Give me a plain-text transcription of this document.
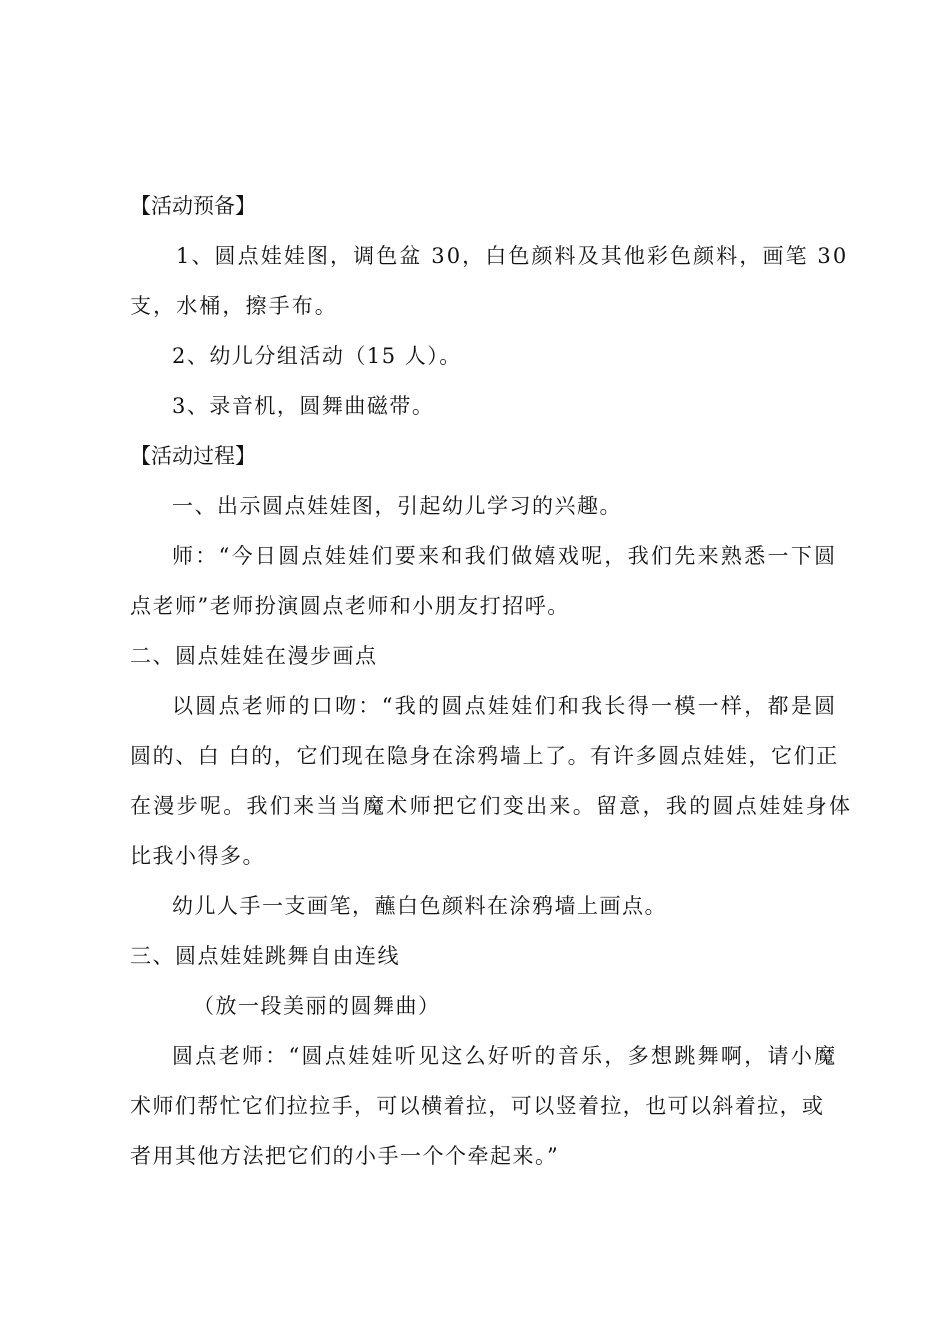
【活动预备】
1、圆点娃娃图，调色盆 30，白色颜料及其他彩色颜料，画笔 30
支，水桶，擦手布。
2、幼儿分组活动（15 人）。
3、录音机，圆舞曲磁带。
【活动过程】
一、出示圆点娃娃图，引起幼儿学习的兴趣。
师：“今日圆点娃娃们要来和我们做嬉戏呢，我们先来熟悉一下圆
点老师”老师扮演圆点老师和小朋友打招呼。
二、圆点娃娃在漫步画点
以圆点老师的口吻：“我的圆点娃娃们和我长得一模一样，都是圆
圆的、白 白的，它们现在隐身在涂鸦墙上了。有许多圆点娃娃，它们正
在漫步呢。我们来当当魔术师把它们变出来。留意，我的圆点娃娃身体
比我小得多。
幼儿人手一支画笔，蘸白色颜料在涂鸦墙上画点。
三、圆点娃娃跳舞自由连线
（放一段美丽的圆舞曲）
圆点老师：“圆点娃娃听见这么好听的音乐，多想跳舞啊，请小魔
术师们帮忙它们拉拉手，可以横着拉，可以竖着拉，也可以斜着拉，或
者用其他方法把它们的小手一个个牵起来。”
